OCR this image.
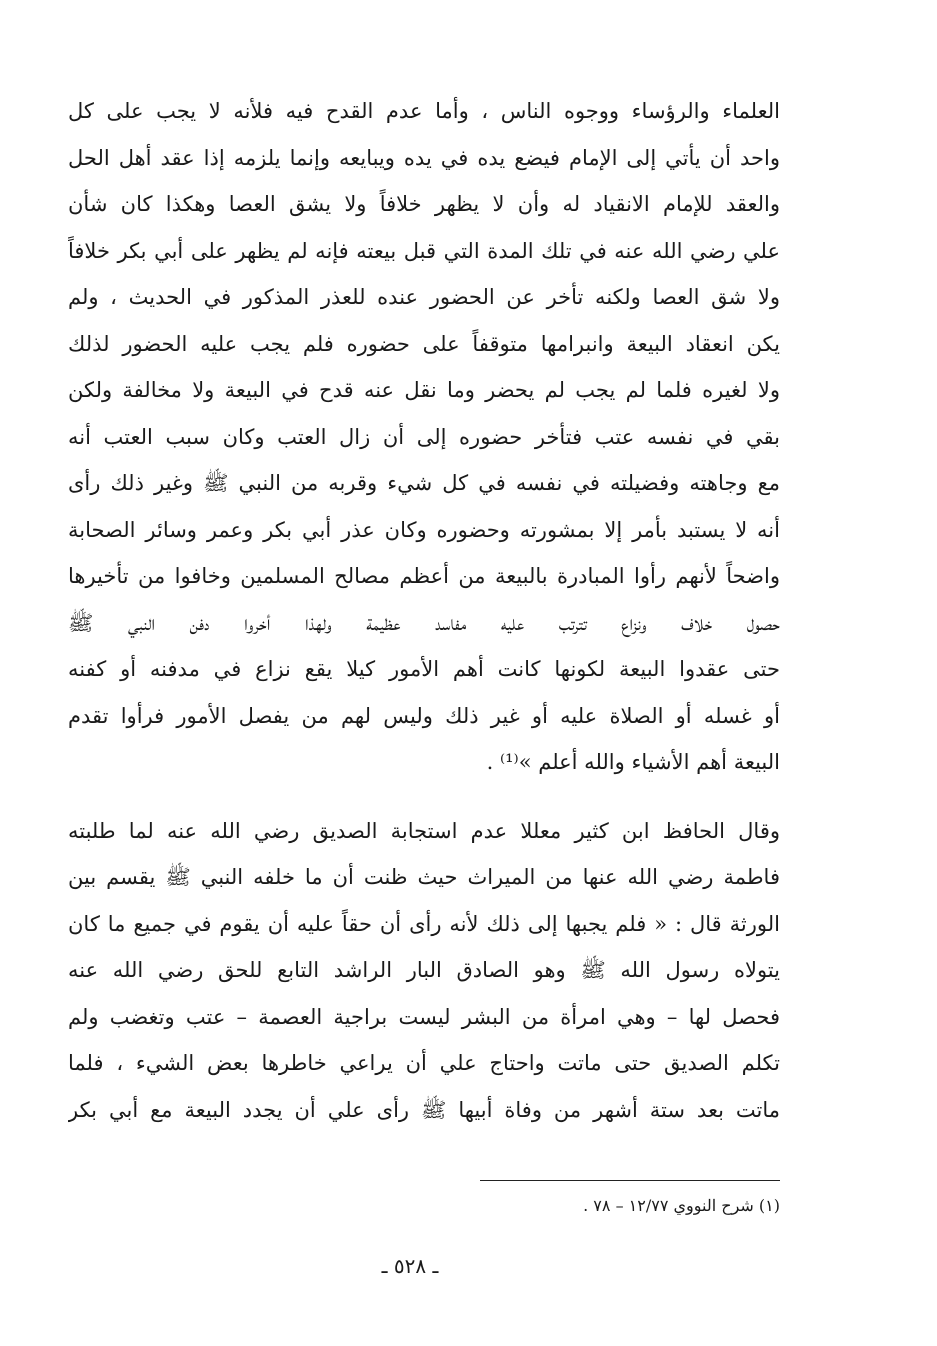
العلماء والرؤساء ووجوه الناس ، وأما عدم القدح فيه فلأنه لا يجب على كل
واحد أن يأتي إلى الإمام فيضع يده في يده ويبايعه وإنما يلزمه إذا عقد أهل الحل
والعقد للإمام الانقياد له وأن لا يظهر خلافاً ولا يشق العصا وهكذا كان شأن
علي رضي الله عنه في تلك المدة التي قبل بيعته فإنه لم يظهر على أبي بكر خلافاً
ولا شق العصا ولكنه تأخر عن الحضور عنده للعذر المذكور في الحديث ، ولم
يكن انعقاد البيعة وانبرامها متوقفاً على حضوره فلم يجب عليه الحضور لذلك
ولا لغيره فلما لم يجب لم يحضر وما نقل عنه قدح في البيعة ولا مخالفة ولكن
بقي في نفسه عتب فتأخر حضوره إلى أن زال العتب وكان سبب العتب أنه
مع وجاهته وفضيلته في نفسه في كل شيء وقربه من النبي ﷺ وغير ذلك رأى
أنه لا يستبد بأمر إلا بمشورته وحضوره وكان عذر أبي بكر وعمر وسائر الصحابة
واضحاً لأنهم رأوا المبادرة بالبيعة من أعظم مصالح المسلمين وخافوا من تأخيرها
حصول خلاف ونزاع تترتب عليه مفاسد عظيمة ولهذا أخروا دفن النبي ﷺ
حتى عقدوا البيعة لكونها كانت أهم الأمور كيلا يقع نزاع في مدفنه أو كفنه
أو غسله أو الصلاة عليه أو غير ذلك وليس لهم من يفصل الأمور فرأوا تقدم
البيعة أهم الأشياء والله أعلم »⁽¹⁾ .
وقال الحافظ ابن كثير معللا عدم استجابة الصديق رضي الله عنه لما طلبته
فاطمة رضي الله عنها من الميراث حيث ظنت أن ما خلفه النبي ﷺ يقسم بين
الورثة قال : « فلم يجبها إلى ذلك لأنه رأى أن حقاً عليه أن يقوم في جميع ما كان
يتولاه رسول الله ﷺ وهو الصادق البار الراشد التابع للحق رضي الله عنه
فحصل لها – وهي امرأة من البشر ليست براجية العصمة – عتب وتغضب ولم
تكلم الصديق حتى ماتت واحتاج علي أن يراعي خاطرها بعض الشيء ، فلما
ماتت بعد ستة أشهر من وفاة أبيها ﷺ رأى علي أن يجدد البيعة مع أبي بكر
(١) شرح النووي ١٢/٧٧ – ٧٨ .
ـ ٥٢٨ ـ
